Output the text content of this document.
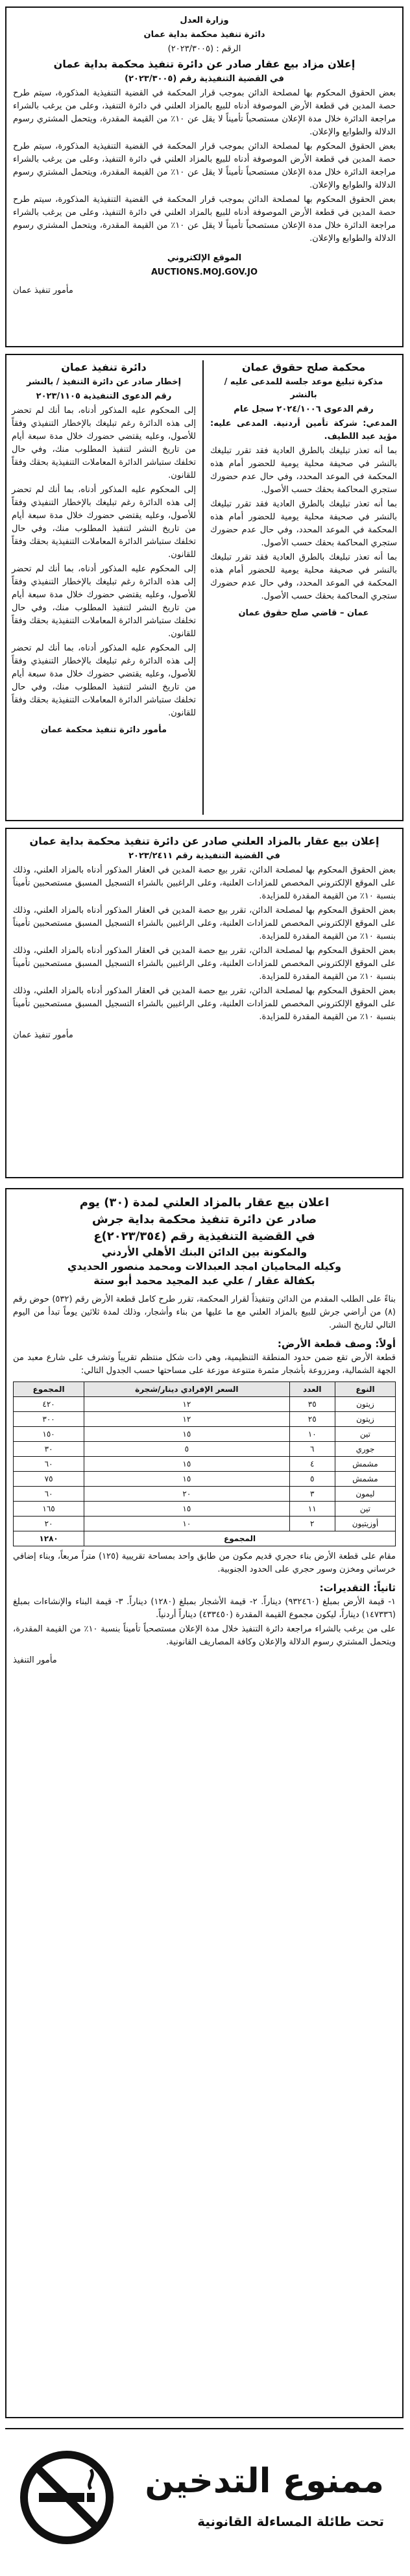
وزارة العدل
دائرة تنفيذ محكمة بداية عمان
الرقم : (٢٠٢٣/٣٠٠٥)
إعلان مزاد بيع عقار صادر عن دائرة تنفيذ محكمة بداية عمان
في القضية التنفيذية رقم (٢٠٢٣/٣٠٠٥)
بعض الحقوق المحكوم بها لمصلحة الدائن بموجب قرار المحكمة في القضية التنفيذية المذكورة، سيتم طرح حصة المدين في قطعة الأرض الموصوفة أدناه للبيع بالمزاد العلني في دائرة التنفيذ، وعلى من يرغب بالشراء مراجعة الدائرة خلال مدة الإعلان مستصحباً تأميناً لا يقل عن ١٠٪ من القيمة المقدرة، ويتحمل المشتري رسوم الدلالة والطوابع والإعلان.
بعض الحقوق المحكوم بها لمصلحة الدائن بموجب قرار المحكمة في القضية التنفيذية المذكورة، سيتم طرح حصة المدين في قطعة الأرض الموصوفة أدناه للبيع بالمزاد العلني في دائرة التنفيذ، وعلى من يرغب بالشراء مراجعة الدائرة خلال مدة الإعلان مستصحباً تأميناً لا يقل عن ١٠٪ من القيمة المقدرة، ويتحمل المشتري رسوم الدلالة والطوابع والإعلان.
بعض الحقوق المحكوم بها لمصلحة الدائن بموجب قرار المحكمة في القضية التنفيذية المذكورة، سيتم طرح حصة المدين في قطعة الأرض الموصوفة أدناه للبيع بالمزاد العلني في دائرة التنفيذ، وعلى من يرغب بالشراء مراجعة الدائرة خلال مدة الإعلان مستصحباً تأميناً لا يقل عن ١٠٪ من القيمة المقدرة، ويتحمل المشتري رسوم الدلالة والطوابع والإعلان.
الموقع الإلكتروني
AUCTIONS.MOJ.GOV.JO
مأمور تنفيذ عمان
دائرة تنفيذ عمان
إخطار صادر عن دائرة التنفيذ / بالنشر
رقم الدعوى التنفيذية ٢٠٢٣/١١٠٥
إلى المحكوم عليه المذكور أدناه، بما أنك لم تحضر إلى هذه الدائرة رغم تبليغك بالإخطار التنفيذي وفقاً للأصول، وعليه يقتضي حضورك خلال مدة سبعة أيام من تاريخ النشر لتنفيذ المطلوب منك، وفي حال تخلفك ستباشر الدائرة المعاملات التنفيذية بحقك وفقاً للقانون.
إلى المحكوم عليه المذكور أدناه، بما أنك لم تحضر إلى هذه الدائرة رغم تبليغك بالإخطار التنفيذي وفقاً للأصول، وعليه يقتضي حضورك خلال مدة سبعة أيام من تاريخ النشر لتنفيذ المطلوب منك، وفي حال تخلفك ستباشر الدائرة المعاملات التنفيذية بحقك وفقاً للقانون.
إلى المحكوم عليه المذكور أدناه، بما أنك لم تحضر إلى هذه الدائرة رغم تبليغك بالإخطار التنفيذي وفقاً للأصول، وعليه يقتضي حضورك خلال مدة سبعة أيام من تاريخ النشر لتنفيذ المطلوب منك، وفي حال تخلفك ستباشر الدائرة المعاملات التنفيذية بحقك وفقاً للقانون.
إلى المحكوم عليه المذكور أدناه، بما أنك لم تحضر إلى هذه الدائرة رغم تبليغك بالإخطار التنفيذي وفقاً للأصول، وعليه يقتضي حضورك خلال مدة سبعة أيام من تاريخ النشر لتنفيذ المطلوب منك، وفي حال تخلفك ستباشر الدائرة المعاملات التنفيذية بحقك وفقاً للقانون.
مأمور دائرة تنفيذ محكمة عمان
محكمة صلح حقوق عمان
مذكرة تبليغ موعد جلسة للمدعى عليه / بالنشر
رقم الدعوى ٢٠٢٤/١٠٠٦ سجل عام
المدعي: شركة تأمين أردنية. المدعى عليه: مؤيد عبد اللطيف.
بما أنه تعذر تبليغك بالطرق العادية فقد تقرر تبليغك بالنشر في صحيفة محلية يومية للحضور أمام هذه المحكمة في الموعد المحدد، وفي حال عدم حضورك ستجري المحاكمة بحقك حسب الأصول.
بما أنه تعذر تبليغك بالطرق العادية فقد تقرر تبليغك بالنشر في صحيفة محلية يومية للحضور أمام هذه المحكمة في الموعد المحدد، وفي حال عدم حضورك ستجري المحاكمة بحقك حسب الأصول.
بما أنه تعذر تبليغك بالطرق العادية فقد تقرر تبليغك بالنشر في صحيفة محلية يومية للحضور أمام هذه المحكمة في الموعد المحدد، وفي حال عدم حضورك ستجري المحاكمة بحقك حسب الأصول.
عمان – قاضي صلح حقوق عمان
إعلان بيع عقار بالمزاد العلني صادر عن دائرة تنفيذ محكمة بداية عمان
في القضية التنفيذية رقم ٢٠٢٣/٢٤١١
بعض الحقوق المحكوم بها لمصلحة الدائن، تقرر بيع حصة المدين في العقار المذكور أدناه بالمزاد العلني، وذلك على الموقع الإلكتروني المخصص للمزادات العلنية، وعلى الراغبين بالشراء التسجيل المسبق مستصحبين تأميناً بنسبة ١٠٪ من القيمة المقدرة للمزايدة.
بعض الحقوق المحكوم بها لمصلحة الدائن، تقرر بيع حصة المدين في العقار المذكور أدناه بالمزاد العلني، وذلك على الموقع الإلكتروني المخصص للمزادات العلنية، وعلى الراغبين بالشراء التسجيل المسبق مستصحبين تأميناً بنسبة ١٠٪ من القيمة المقدرة للمزايدة.
بعض الحقوق المحكوم بها لمصلحة الدائن، تقرر بيع حصة المدين في العقار المذكور أدناه بالمزاد العلني، وذلك على الموقع الإلكتروني المخصص للمزادات العلنية، وعلى الراغبين بالشراء التسجيل المسبق مستصحبين تأميناً بنسبة ١٠٪ من القيمة المقدرة للمزايدة.
بعض الحقوق المحكوم بها لمصلحة الدائن، تقرر بيع حصة المدين في العقار المذكور أدناه بالمزاد العلني، وذلك على الموقع الإلكتروني المخصص للمزادات العلنية، وعلى الراغبين بالشراء التسجيل المسبق مستصحبين تأميناً بنسبة ١٠٪ من القيمة المقدرة للمزايدة.
مأمور تنفيذ عمان
اعلان بيع عقار بالمزاد العلني لمدة (٣٠) يوم
صادر عن دائرة تنفيذ محكمة بداية جرش
في القضية التنفيذية رقم (٢٠٢٣/٣٥٤)ع
والمكونة بين الدائن البنك الأهلي الأردني
وكيله المحاميان امجد العبدالات ومحمد منصور الحديدي
بكفالة عقار / علي عبد المجيد محمد أبو ستة
بناءً على الطلب المقدم من الدائن وتنفيذاً لقرار المحكمة، تقرر طرح كامل قطعة الأرض رقم (٥٣٢) حوض رقم (٨) من أراضي جرش للبيع بالمزاد العلني مع ما عليها من بناء وأشجار، وذلك لمدة ثلاثين يوماً تبدأ من اليوم التالي لتاريخ النشر.
أولاً: وصف قطعة الأرض:
قطعة الأرض تقع ضمن حدود المنطقة التنظيمية، وهي ذات شكل منتظم تقريباً وتشرف على شارع معبد من الجهة الشمالية، ومزروعة بأشجار مثمرة متنوعة موزعة على مساحتها حسب الجدول التالي:
النوع	العدد	السعر الإفرادي دينار/شجرة	المجموع
زيتون	٣٥	١٢	٤٢٠
زيتون	٢٥	١٢	٣٠٠
تين	١٠	١٥	١٥٠
جوري	٦	٥	٣٠
مشمش	٤	١٥	٦٠
مشمش	٥	١٥	٧٥
ليمون	٣	٢٠	٦٠
تين	١١	١٥	١٦٥
أوزيتيون	٢	١٠	٢٠
المجموع			١٢٨٠
مقام على قطعة الأرض بناء حجري قديم مكون من طابق واحد بمساحة تقريبية (١٢٥) متراً مربعاً، وبناء إضافي خرساني ومخزن وسور حجري على الحدود الجنوبية.
ثانياً: التقديرات:
١- قيمة الأرض بمبلغ (٩٣٢٤٦٠) ديناراً. ٢- قيمة الأشجار بمبلغ (١٢٨٠) ديناراً. ٣- قيمة البناء والإنشاءات بمبلغ (١٤٧٣٣٦) ديناراً، ليكون مجموع القيمة المقدرة (٤٣٣٤٥٠) ديناراً أردنياً.
على من يرغب بالشراء مراجعة دائرة التنفيذ خلال مدة الإعلان مستصحباً تأميناً بنسبة ١٠٪ من القيمة المقدرة، ويتحمل المشتري رسوم الدلالة والإعلان وكافة المصاريف القانونية.
مأمور التنفيذ
ممنوع التدخين
تحت طائلة المساءلة القانونية
